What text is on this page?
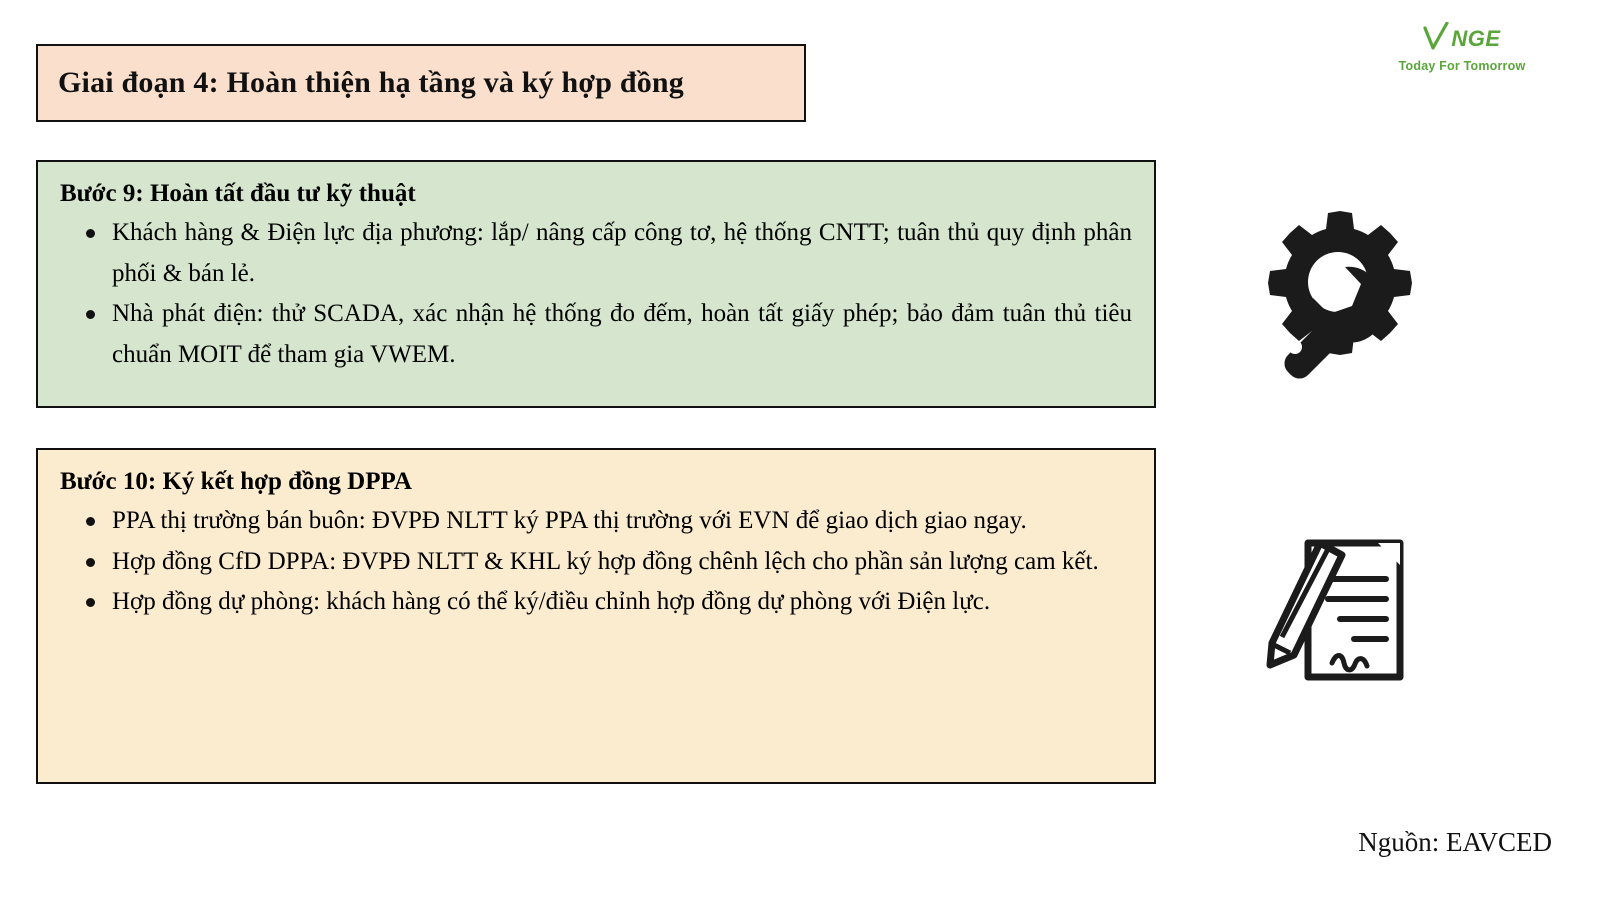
NGE
Today For Tomorrow
Giai đoạn 4: Hoàn thiện hạ tầng và ký hợp đồng
Bước 9: Hoàn tất đầu tư kỹ thuật
Khách hàng & Điện lực địa phương: lắp/ nâng cấp công tơ, hệ thống CNTT; tuân thủ quy định phân phối & bán lẻ.
Nhà phát điện: thử SCADA, xác nhận hệ thống đo đếm, hoàn tất giấy phép; bảo đảm tuân thủ tiêu chuẩn MOIT để tham gia VWEM.
Bước 10: Ký kết hợp đồng DPPA
PPA thị trường bán buôn: ĐVPĐ NLTT ký PPA thị trường với EVN để giao dịch giao ngay.
Hợp đồng CfD DPPA: ĐVPĐ NLTT & KHL ký hợp đồng chênh lệch cho phần sản lượng cam kết.
Hợp đồng dự phòng: khách hàng có thể ký/điều chỉnh hợp đồng dự phòng với Điện lực.
Nguồn: EAVCED
